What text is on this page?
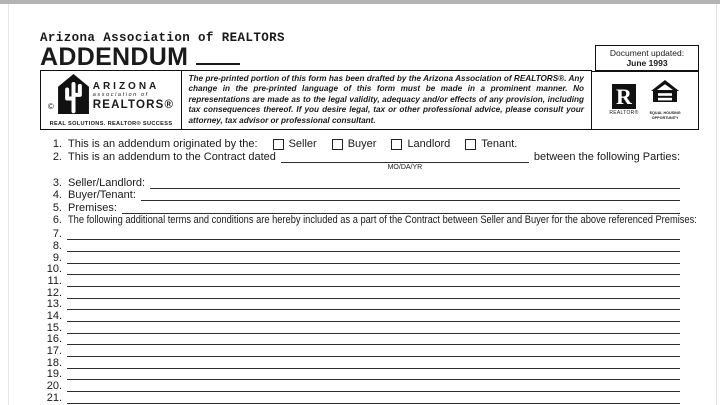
Arizona Association of REALTORS
ADDENDUM
©
ARIZONA
association of
REALTORS®
REAL SOLUTIONS. REALTOR® SUCCESS
The pre-printed portion of this form has been drafted by the Arizona Association of REALTORS®. Any change in the pre-printed language of this form must be made in a prominent manner. No representations are made as to the legal validity, adequacy and/or effects of any provision, including tax consequences thereof. If you desire legal, tax or other professional advice, please consult your attorney, tax advisor or professional consultant.
Document updated:
June 1993
R
REALTOR®	EQUAL HOUSING
OPPORTUNITY
1. This is an addendum originated by the:	Seller	Buyer	Landlord	Tenant.
2. This is an addendum to the Contract dated
MO/DA/YR
between the following Parties:
3. Seller/Landlord:
4. Buyer/Tenant:
5. Premises:
6. The following additional terms and conditions are hereby included as a part of the Contract between Seller and Buyer for the above referenced Premises:
7.
8.
9.
10.
11.
12.
13.
14.
15.
16.
17.
18.
19.
20.
21.
